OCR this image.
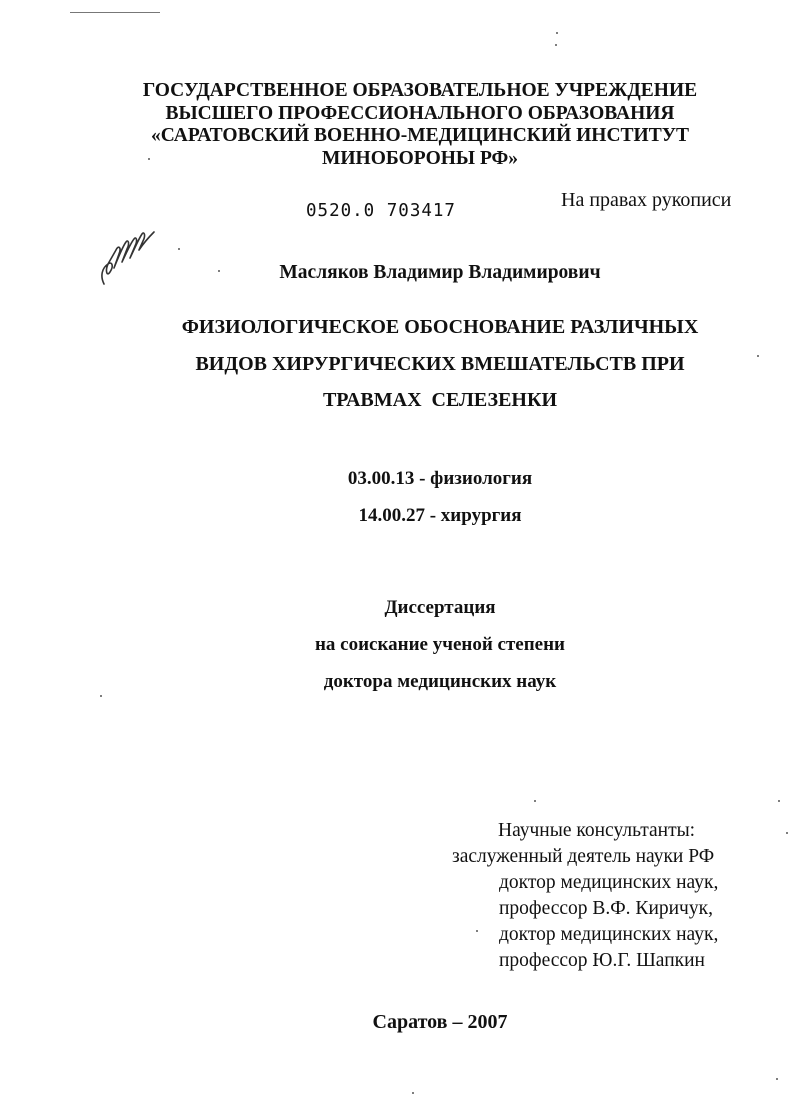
ГОСУДАРСТВЕННОЕ ОБРАЗОВАТЕЛЬНОЕ УЧРЕЖДЕНИЕ
ВЫСШЕГО ПРОФЕССИОНАЛЬНОГО ОБРАЗОВАНИЯ
«САРАТОВСКИЙ ВОЕННО-МЕДИЦИНСКИЙ ИНСТИТУТ
МИНОБОРОНЫ РФ»
0520.0 703417	На правах рукописи
Масляков Владимир Владимирович
ФИЗИОЛОГИЧЕСКОЕ ОБОСНОВАНИЕ РАЗЛИЧНЫХ
ВИДОВ ХИРУРГИЧЕСКИХ ВМЕШАТЕЛЬСТВ ПРИ
ТРАВМАХ  СЕЛЕЗЕНКИ
03.00.13 - физиология
14.00.27 - хирургия
Диссертация
на соискание ученой степени
доктора медицинских наук
Научные консультанты:
заслуженный деятель науки РФ
доктор медицинских наук,
профессор В.Ф. Киричук,
доктор медицинских наук,
профессор Ю.Г. Шапкин
Саратов – 2007
